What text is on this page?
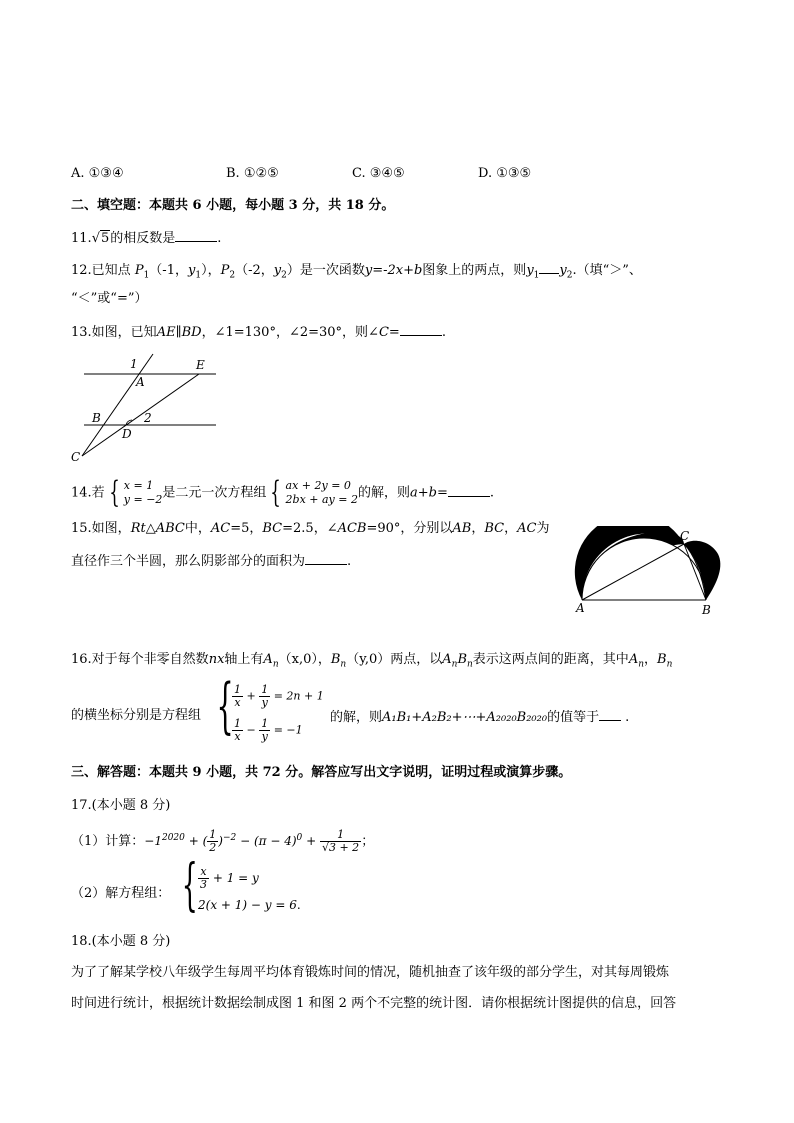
A. ①③④	B. ①②⑤	C. ③④⑤	D. ①③⑤
二、填空题：本题共 6 小题，每小题 3 分，共 18 分。
11.√5的相反数是	.
12.已知点 $P_1(-1$，$y_1$），$P_2(-2$，$y_2$）是一次函数y=-2x+b图象上的两点，则$y_1$ $y_2$.（填“＞”、
“＜”或“=”）
13.如图，已知AE∥BD，∠1=130°，∠2=30°，则∠C=	.
1
A
E
B	2
D
C
14.若 { x = 1
y = −2 是二元一次方程组 { ax + 2y = 0
2bx + ay = 2 的解，则a+b=	.
15.如图，Rt△ABC中，AC=5，BC=2.5，∠ACB=90°，分别以AB，BC，AC为
直径作三个半圆，那么阴影部分的面积为	.
C
A	B
16.对于每个非零自然数nx轴上有$A_n(x,0)$，$B_n(y,0)$两点，以$A_nB_n$表示这两点间的距离，其中$A_n$，$B_n$
的横坐标分别是方程组 {
$\frac{1}{x} + \frac{1}{y} = 2n + 1$
$\frac{1}{x} - \frac{1}{y} = -1$
的解，则A₁B₁+A₂B₂+⋯+A₂₀₂₀B₂₀₂₀的值等于 .
三、解答题：本题共 9 小题，共 72 分。解答应写出文字说明，证明过程或演算步骤。
17.(本小题 8 分)
（1）计算：$-1^{2020}$ + ( $\frac{1}{2} )^{-2} - (\pi - 4)^0 + \frac{1}{√3 + 2}$ ；
（2）解方程组： { $\frac{x}{3} + 1 = y$
2(x + 1) − y = 6.
18.(本小题 8 分)
为了了解某学校八年级学生每周平均体育锻炼时间的情况，随机抽查了该年级的部分学生，对其每周锻炼
时间进行统计，根据统计数据绘制成图 1 和图 2 两个不完整的统计图．请你根据统计图提供的信息，回答
